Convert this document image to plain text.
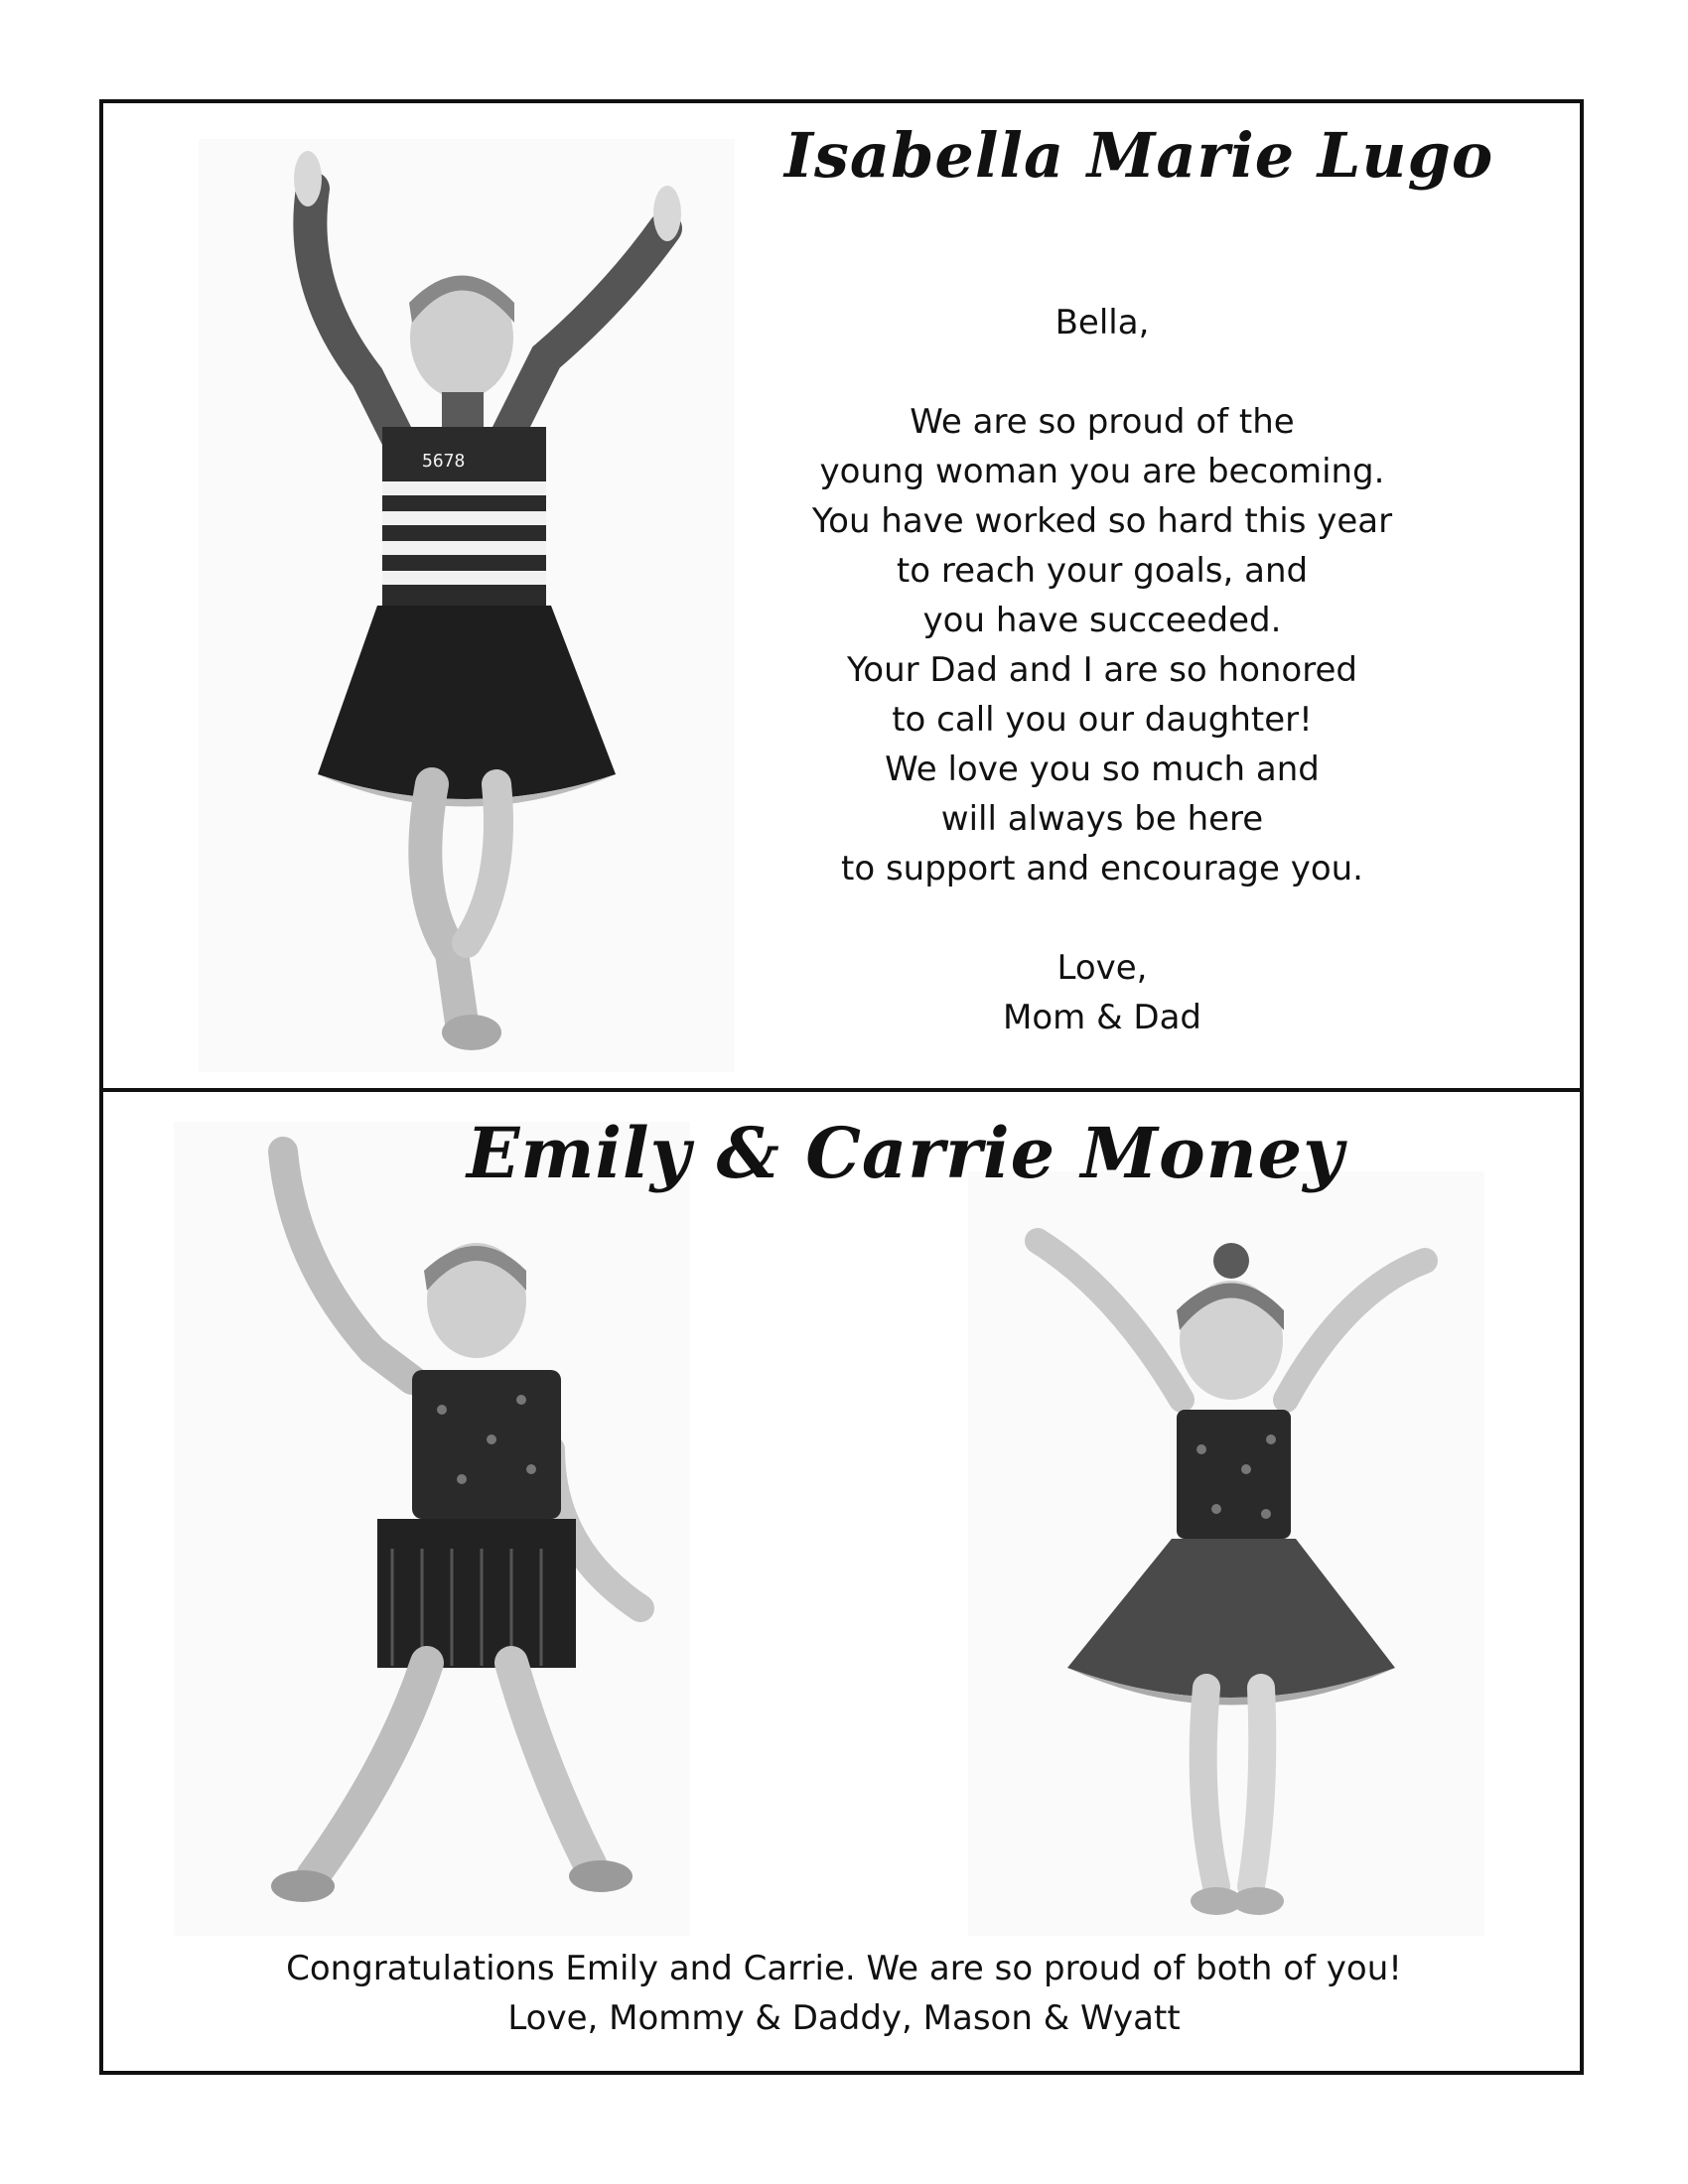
5678
Isabella Marie Lugo

Bella,

We are so proud of the

young woman you are becoming.

You have worked so hard this year

to reach your goals, and

you have succeeded.

Your Dad and I are so honored

to call you our daughter!

We love you so much and

will always be here

to support and encourage you.

Love,

Mom & Dad

Emily & Carrie Money

Congratulations Emily and Carrie. We are so proud of both of you!

Love, Mommy & Daddy, Mason & Wyatt
